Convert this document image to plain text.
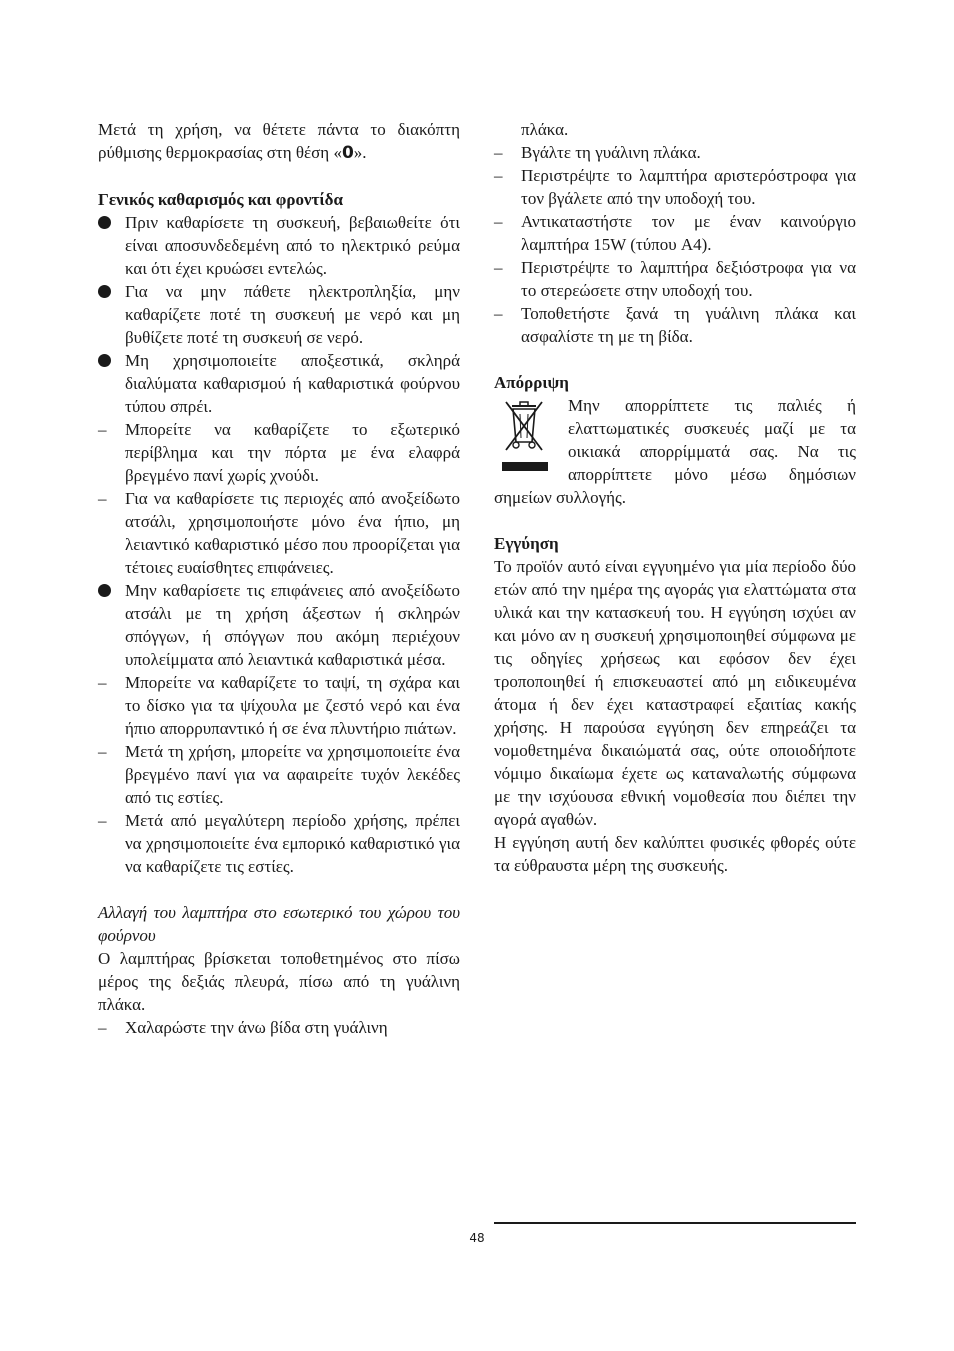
Μετά τη χρήση, να θέτετε πάντα το διακόπτη ρύθμισης θερμοκρασίας στη θέση «0».

Γενικός καθαρισμός και φροντίδα

Πριν καθαρίσετε τη συσκευή, βεβαιωθείτε ότι είναι αποσυνδεδεμένη από το ηλεκτρικό ρεύμα και ότι έχει κρυώσει εντελώς.
Για να μην πάθετε ηλεκτροπληξία, μην καθαρίζετε ποτέ τη συσκευή με νερό και μη βυθίζετε ποτέ τη συσκευή σε νερό.
Μη χρησιμοποιείτε αποξεστικά, σκληρά διαλύματα καθαρισμού ή καθαριστικά φούρνου τύπου σπρέι.
–	Μπορείτε να καθαρίζετε το εξωτερικό περίβλημα και την πόρτα με ένα ελαφρά βρεγμένο πανί χωρίς χνούδι.
–	Για να καθαρίσετε τις περιοχές από ανοξείδωτο ατσάλι, χρησιμοποιήστε μόνο ένα ήπιο, μη λειαντικό καθαριστικό μέσο που προορίζεται για τέτοιες ευαίσθητες επιφάνειες.
Μην καθαρίσετε τις επιφάνειες από ανοξείδωτο ατσάλι με τη χρήση άξεστων ή σκληρών σπόγγων, ή σπόγγων που ακόμη περιέχουν υπολείμματα από λειαντικά καθαριστικά μέσα.
–	Μπορείτε να καθαρίζετε το ταψί, τη σχάρα και το δίσκο για τα ψίχουλα με ζεστό νερό και ένα ήπιο απορρυπαντικό ή σε ένα πλυντήριο πιάτων.
–	Μετά τη χρήση, μπορείτε να χρησιμοποιείτε ένα βρεγμένο πανί για να αφαιρείτε τυχόν λεκέδες από τις εστίες.
–	Μετά από μεγαλύτερη περίοδο χρήσης, πρέπει να χρησιμοποιείτε ένα εμπορικό καθαριστικό για να καθαρίζετε τις εστίες.

Αλλαγή του λαμπτήρα στο εσωτερικό του χώρου του φούρνου

Ο λαμπτήρας βρίσκεται τοποθετημένος στο πίσω μέρος της δεξιάς πλευρά, πίσω από τη γυάλινη πλάκα.

–	Χαλαρώστε την άνω βίδα στη γυάλινη
πλάκα.
–	Βγάλτε τη γυάλινη πλάκα.
–	Περιστρέψτε το λαμπτήρα αριστερόστροφα για τον βγάλετε από την υποδοχή του.
–	Αντικαταστήστε τον με έναν καινούργιο λαμπτήρα 15W (τύπου A4).
–	Περιστρέψτε το λαμπτήρα δεξιόστροφα για να το στερεώσετε στην υποδοχή του.
–	Τοποθετήστε ξανά τη γυάλινη πλάκα και ασφαλίστε τη με τη βίδα.

Απόρριψη

Μην απορρίπτετε τις παλιές ή ελαττωματικές συσκευές μαζί με τα οικιακά απορρίμματά σας. Να τις απορρίπτετε μόνο μέσω δημόσιων σημείων συλλογής.

Εγγύηση

Το προϊόν αυτό είναι εγγυημένο για μία περίοδο δύο ετών από την ημέρα της αγοράς για ελαττώματα στα υλικά και την κατασκευή του. Η εγγύηση ισχύει αν και μόνο αν η συσκευή χρησιμοποιηθεί σύμφωνα με τις οδηγίες χρήσεως και εφόσον δεν έχει τροποποιηθεί ή επισκευαστεί από μη ειδικευμένα άτομα ή δεν έχει καταστραφεί εξαιτίας κακής χρήσης. Η παρούσα εγγύηση δεν επηρεάζει τα νομοθετημένα δικαιώματά σας, ούτε οποιοδήποτε νόμιμο δικαίωμα έχετε ως καταναλωτής σύμφωνα με την ισχύουσα εθνική νομοθεσία που διέπει την αγορά αγαθών.

Η εγγύηση αυτή δεν καλύπτει φυσικές φθορές ούτε τα εύθραυστα μέρη της συσκευής.

48
